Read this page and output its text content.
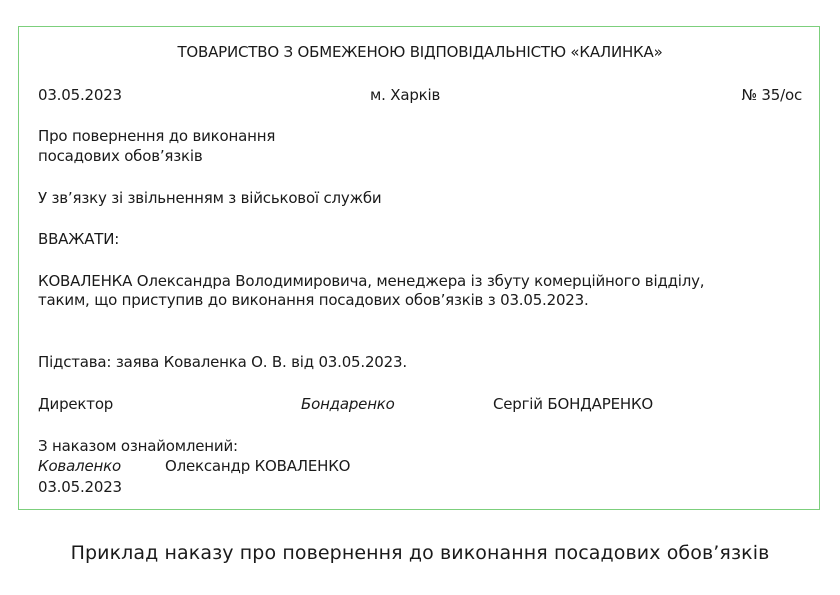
ТОВАРИСТВО З ОБМЕЖЕНОЮ ВІДПОВІДАЛЬНІСТЮ «КАЛИНКА»
03.05.2023	м. Харків	№ 35/ос
Про повернення до виконання
посадових обов’язків
У зв’язку зі звільненням з військової служби
ВВАЖАТИ:
КОВАЛЕНКА Олександра Володимировича, менеджера із збуту комерційного відділу,
таким, що приступив до виконання посадових обов’язків з 03.05.2023.
Підстава: заява Коваленка О. В. від 03.05.2023.
Директор	Бондаренко	Сергій БОНДАРЕНКО
З наказом ознайомлений:
Коваленко	Олександр КОВАЛЕНКО
03.05.2023
Приклад наказу про повернення до виконання посадових обов’язків
